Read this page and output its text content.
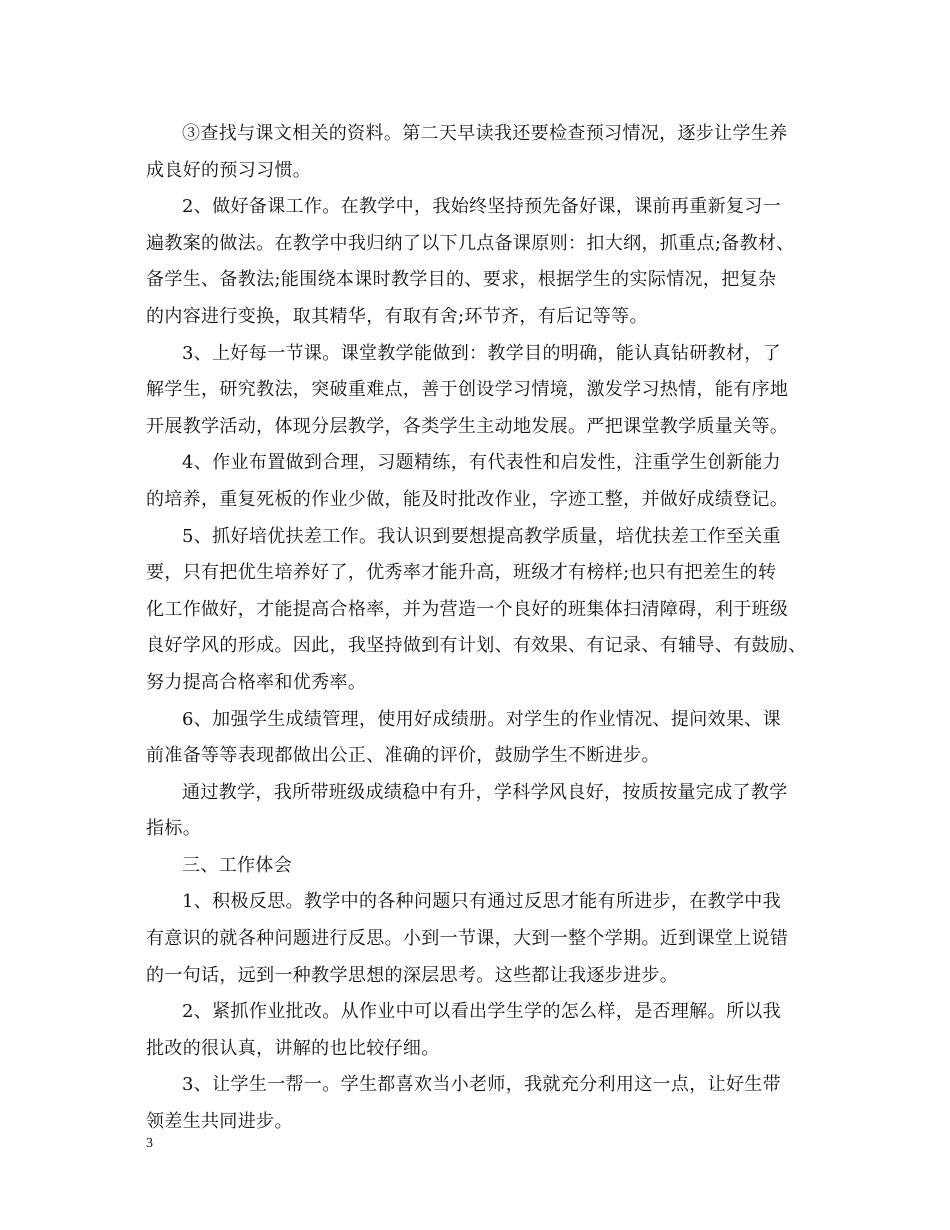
③查找与课文相关的资料。第二天早读我还要检查预习情况，逐步让学生养
成良好的预习习惯。

2、做好备课工作。在教学中，我始终坚持预先备好课，课前再重新复习一
遍教案的做法。在教学中我归纳了以下几点备课原则：扣大纲，抓重点;备教材、
备学生、备教法;能围绕本课时教学目的、要求，根据学生的实际情况，把复杂
的内容进行变换，取其精华，有取有舍;环节齐，有后记等等。

3、上好每一节课。课堂教学能做到：教学目的明确，能认真钻研教材，了
解学生，研究教法，突破重难点，善于创设学习情境，激发学习热情，能有序地
开展教学活动，体现分层教学，各类学生主动地发展。严把课堂教学质量关等。

4、作业布置做到合理，习题精练，有代表性和启发性，注重学生创新能力
的培养，重复死板的作业少做，能及时批改作业，字迹工整，并做好成绩登记。

5、抓好培优扶差工作。我认识到要想提高教学质量，培优扶差工作至关重
要，只有把优生培养好了，优秀率才能升高，班级才有榜样;也只有把差生的转
化工作做好，才能提高合格率，并为营造一个良好的班集体扫清障碍，利于班级
良好学风的形成。因此，我坚持做到有计划、有效果、有记录、有辅导、有鼓励、
努力提高合格率和优秀率。

6、加强学生成绩管理，使用好成绩册。对学生的作业情况、提问效果、课
前准备等等表现都做出公正、准确的评价，鼓励学生不断进步。

通过教学，我所带班级成绩稳中有升，学科学风良好，按质按量完成了教学
指标。

三、工作体会

1、积极反思。教学中的各种问题只有通过反思才能有所进步，在教学中我
有意识的就各种问题进行反思。小到一节课，大到一整个学期。近到课堂上说错
的一句话，远到一种教学思想的深层思考。这些都让我逐步进步。

2、紧抓作业批改。从作业中可以看出学生学的怎么样，是否理解。所以我
批改的很认真，讲解的也比较仔细。

3、让学生一帮一。学生都喜欢当小老师，我就充分利用这一点，让好生带
领差生共同进步。

3
